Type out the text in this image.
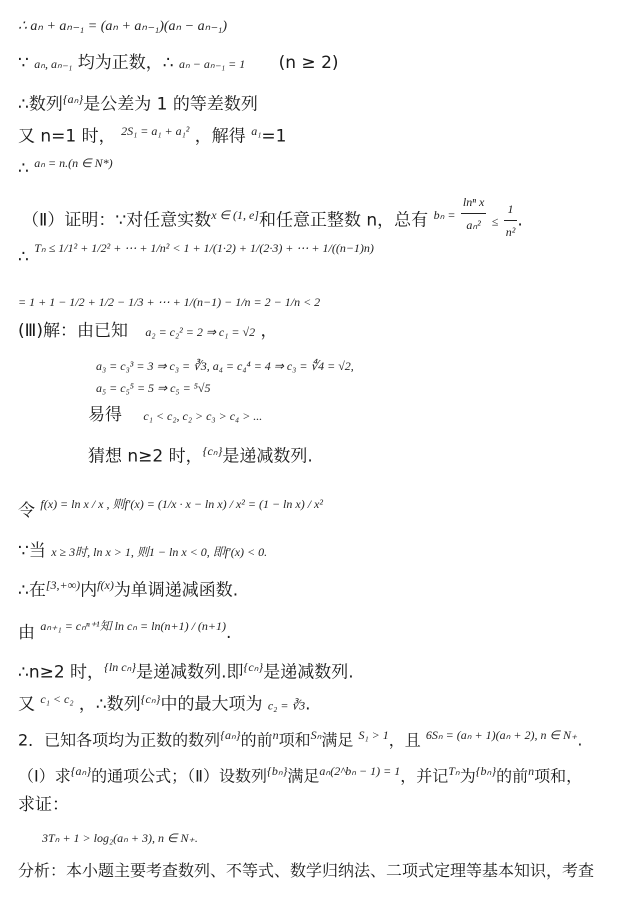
∴ aₙ + aₙ₋₁ = (aₙ + aₙ₋₁)(aₙ − aₙ₋₁)
∵ aₙ, aₙ₋₁ 均为正数，∴ aₙ − aₙ₋₁ = 1 (n ≥ 2)
∴数列$^{\{a_n\}}$是公差为 1 的等差数列
又 n=1 时， $^{2S_1 = a_1 + a_1^2}$ ，解得 $^{a_1}$=1
∴ $^{a_n = n.(n \in N*)}$
（Ⅱ）证明：∵对任意实数$^{x \in (1, e]}$和任意正整数 n，总有 $^{b_n =} \frac{\text{lnⁿ x}}{\text{aₙ²}} \le \frac{1}{\text{n²}}$ .
∴ $^{T_n \le 1/1^2 + 1/2^2 + \cdots + 1/n^2 < 1 + 1/(1\cdot 2) + 1/(2\cdot 3) + \cdots + 1/((n-1)n)}$
= 1 + 1 − 1/2 + 1/2 − 1/3 + ⋯ + 1/(n−1) − 1/n = 2 − 1/n < 2
(Ⅲ)解：由已知 a₂ = c₂² = 2 ⇒ c₁ = √2 ，
a₃ = c₃³ = 3 ⇒ c₃ = ∛3, a₄ = c₄⁴ = 4 ⇒ c₃ = ∜4 = √2,
a₅ = c₅⁵ = 5 ⇒ c₅ = ⁵√5
易得 c₁ < c₂, c₂ > c₃ > c₄ > ...
猜想 n≥2 时，$^{\{c_n\}}$是递减数列.
令 $^{f(x) = ln x / x , 则f'(x) = (1/x \cdot x - ln x) / x^2 = (1 - ln x) / x^2}$
∵当 x ≥ 3时, ln x > 1, 则1 − ln x < 0, 即f′(x) < 0.
∴在$^{[3,+\infty)}$内$^{f(x)}$为单调递减函数.
由 $^{a_{n+1} = c_n^{n+1}知 ln c_n = ln(n+1) / (n+1)}$.
∴n≥2 时，$^{\{ln c_n\}}$是递减数列.即$^{\{c_n\}}$是递减数列.
又 $^{c_1 < c_2}$ ，∴数列$^{\{c_n\}}$中的最大项为 c₂ = ∛3.
2．已知各项均为正数的数列$^{\{a_n\}}$的前$^n$项和$^{S_n}$满足 $^{S_1 > 1}$，且 $^{6S_n = (a_n + 1)(a_n + 2), n \in N_+}$.
（Ⅰ）求$^{\{a_n\}}$的通项公式；（Ⅱ）设数列$^{\{b_n\}}$满足$^{a_n(2\^{}b_n - 1) = 1}$，并记$^{T_n}$为$^{\{b_n\}}$的前$^n$项和，
求证：
3Tₙ + 1 > log₂(aₙ + 3), n ∈ N₊.
分析：本小题主要考查数列、不等式、数学归纳法、二项式定理等基本知识，考查
